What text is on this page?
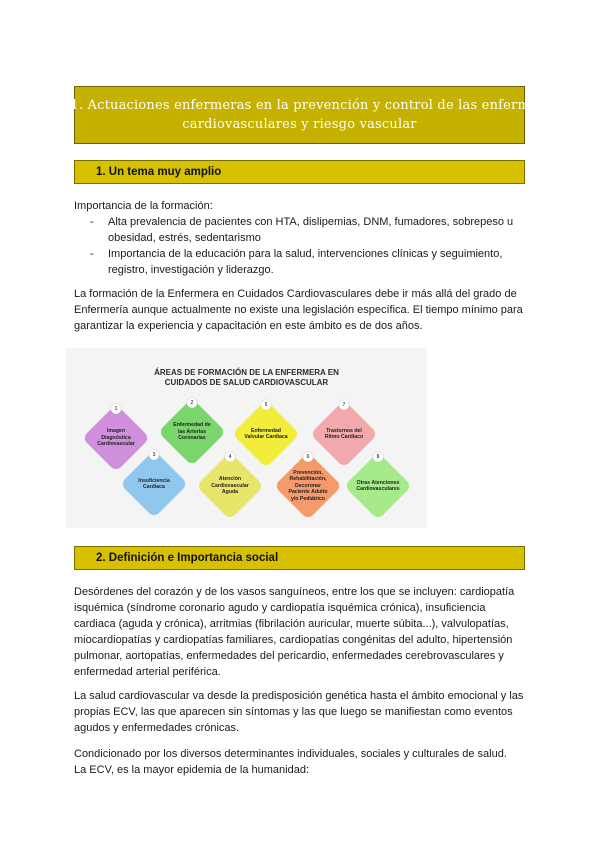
Tema 11. Actuaciones enfermeras en la prevención y control de las enfermedades
cardiovasculares y riesgo vascular
1. Un tema muy amplio

Importancia de la formación:

- Alta prevalencia de pacientes con HTA, dislipemias, DNM, fumadores, sobrepeso u

obesidad, estrés, sedentarismo

- Importancia de la educación para la salud, intervenciones clínicas y seguimiento,

registro, investigación y liderazgo.

La formación de la Enfermera en Cuidados Cardiovasculares debe ir más allá del grado de

Enfermería aunque actualmente no existe una legislación específica. El tiempo mínimo para

garantizar la experiencia y capacitación en este ámbito es de dos años.

ÁREAS DE FORMACIÓN DE LA ENFERMERA EN
CUIDADOS DE SALUD CARDIOVASCULAR
1
Imagen Diagnóstica Cardiovascular
2
Enfermedad de las Arterias Coronarias
3
Insuficiencia Cardiaca
4
Atención Cardiovascular Aguda
5
Enfermedad Valvular Cardiaca
6
Prevención, Rehabilitación, Decoronar Paciente Adulto y/o Pediátrico
7
Trastornos del Ritmo Cardiaco
8
Otras Atenciones Cardiovasculares
2. Definición e Importancia social

Desórdenes del corazón y de los vasos sanguíneos, entre los que se incluyen: cardiopatía

isquémica (síndrome coronario agudo y cardiopatía isquémica crónica), insuficiencia

cardiaca (aguda y crónica), arritmias (fibrilación auricular, muerte súbita...), valvulopatías,

miocardiopatías y cardiopatías familiares, cardiopatías congénitas del adulto, hipertensión

pulmonar, aortopatías, enfermedades del pericardio, enfermedades cerebrovasculares y

enfermedad arterial periférica.

La salud cardiovascular va desde la predisposición genética hasta el ámbito emocional y las

propias ECV, las que aparecen sin síntomas y las que luego se manifiestan como eventos

agudos y enfermedades crónicas.

Condicionado por los diversos determinantes individuales, sociales y culturales de salud.

La ECV, es la mayor epidemia de la humanidad:
